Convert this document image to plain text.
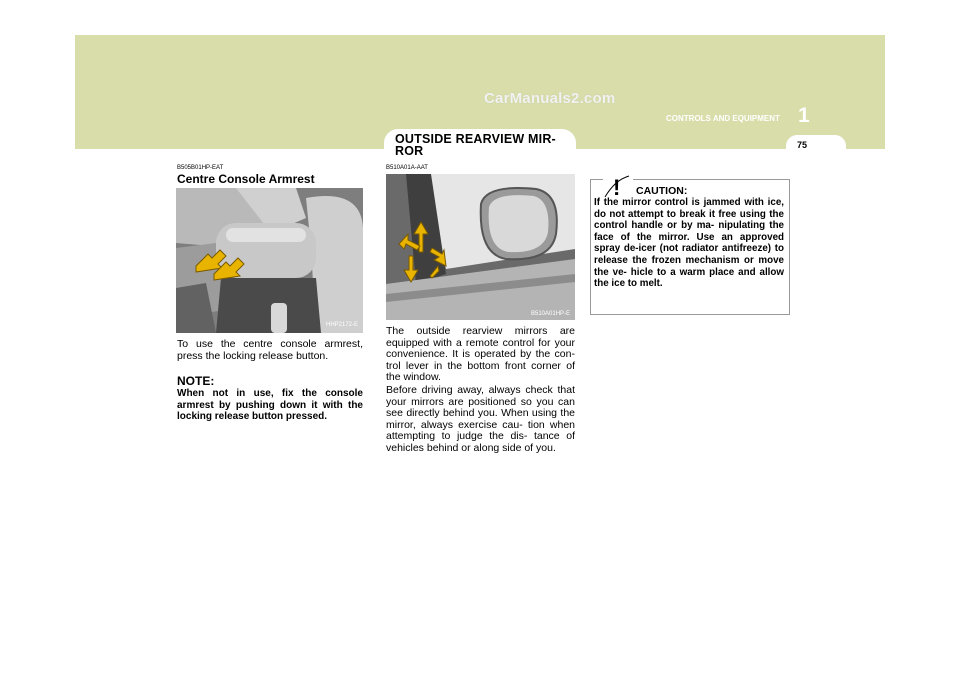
CarManuals2.com
1
CONTROLS AND EQUIPMENT
75
OUTSIDE REARVIEW MIR- ROR
B505B01HP-EAT
Centre Console Armrest
HHP2172-E
To use the centre console armrest, press the locking release button.
NOTE:
When not in use, fix the console armrest by pushing down it with the locking release button pressed.
B510A01A-AAT
B510A01HP-E
The outside rearview mirrors are equipped with a remote control for your convenience. It is operated by the con- trol lever in the bottom front corner of the window.
Before driving away, always check that your mirrors are positioned so you can see directly behind you. When using the mirror, always exercise cau- tion when attempting to judge the dis- tance of vehicles behind or along side of you.
! CAUTION:
If the mirror control is jammed with ice, do not attempt to break it free using the control handle or by ma- nipulating the face of the mirror. Use an approved spray de-icer (not radiator antifreeze) to release the frozen mechanism or move the ve- hicle to a warm place and allow the ice to melt.
